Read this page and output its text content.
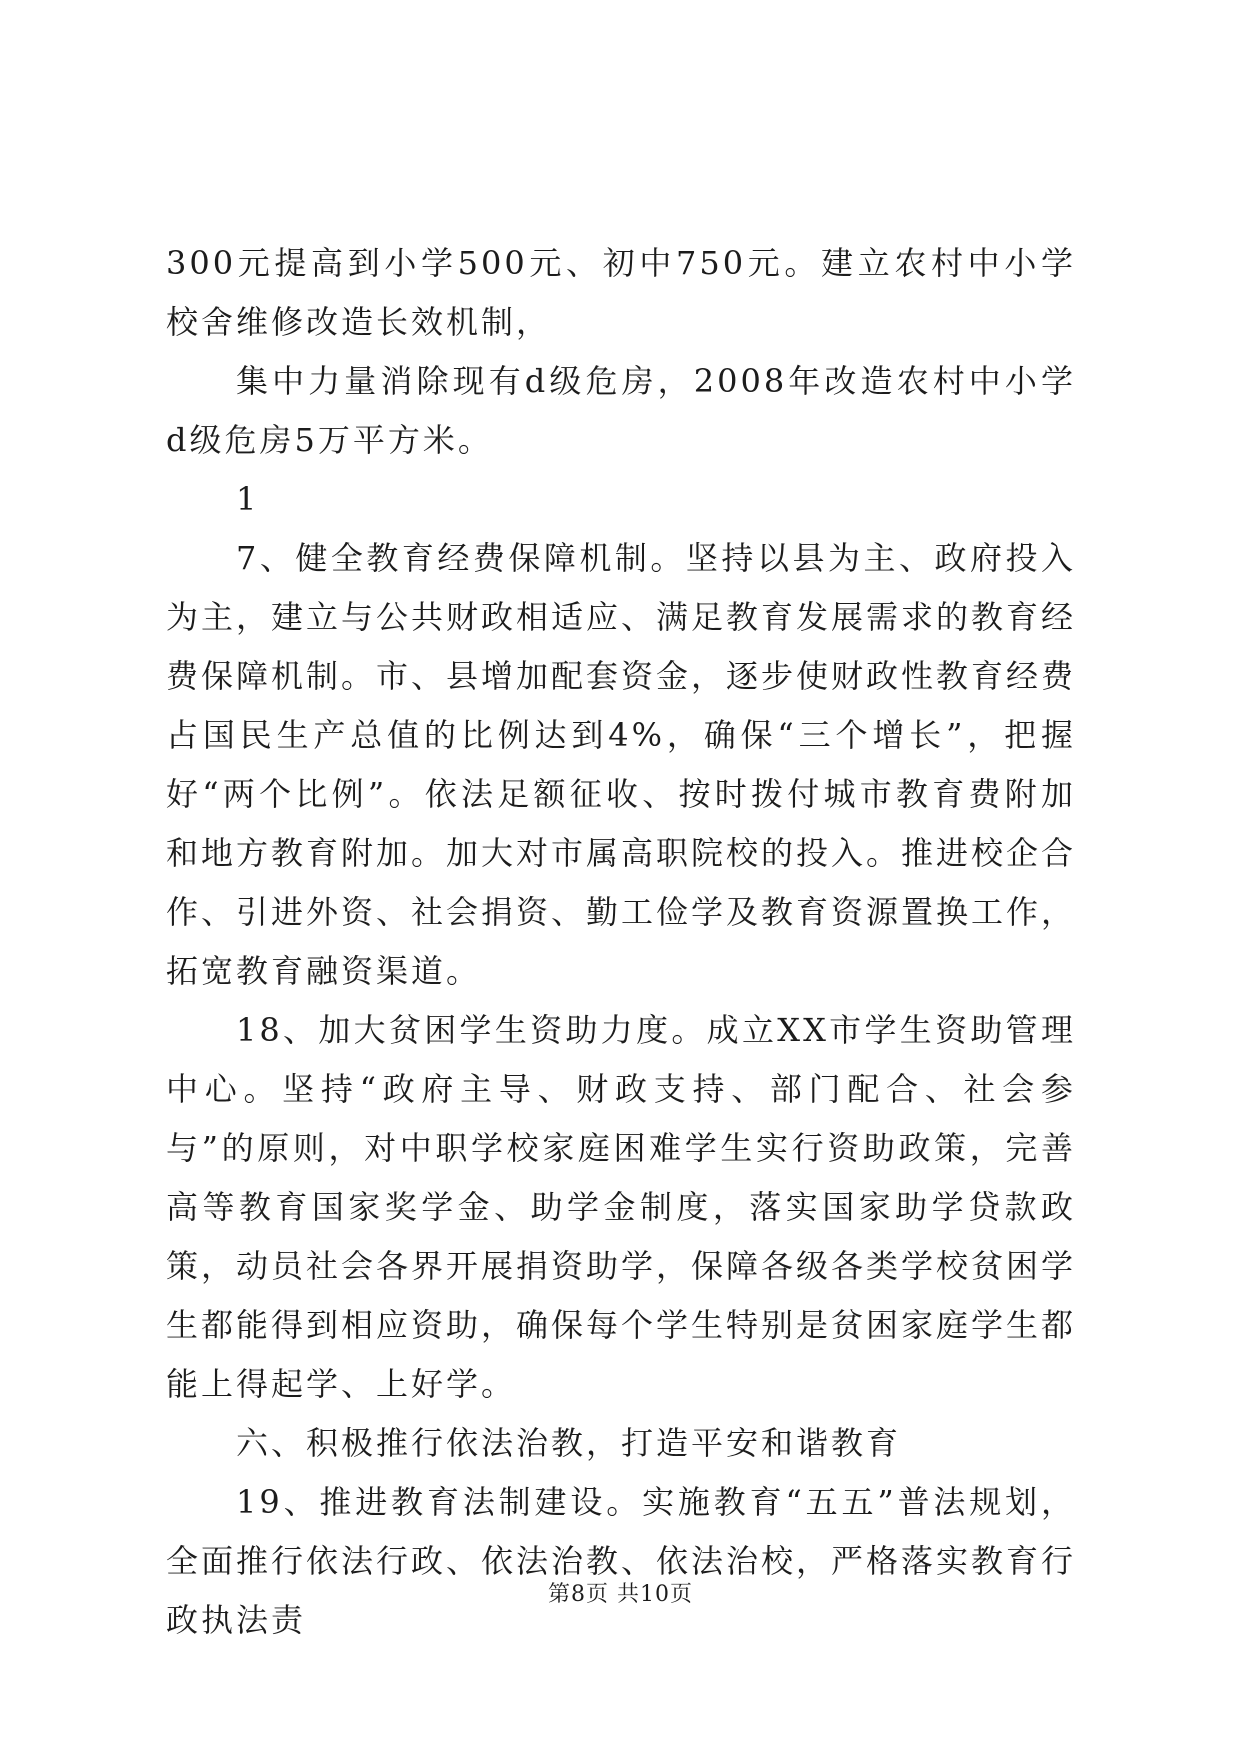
300元提高到小学500元、初中750元。建立农村中小学校舍维修改造长效机制，

集中力量消除现有d级危房，2008年改造农村中小学d级危房5万平方米。

1

7、健全教育经费保障机制。坚持以县为主、政府投入为主，建立与公共财政相适应、满足教育发展需求的教育经费保障机制。市、县增加配套资金，逐步使财政性教育经费占国民生产总值的比例达到4%，确保“三个增长”，把握好“两个比例”。依法足额征收、按时拨付城市教育费附加和地方教育附加。加大对市属高职院校的投入。推进校企合作、引进外资、社会捐资、勤工俭学及教育资源置换工作，拓宽教育融资渠道。

18、加大贫困学生资助力度。成立XX市学生资助管理中心。坚持“政府主导、财政支持、部门配合、社会参与”的原则，对中职学校家庭困难学生实行资助政策，完善高等教育国家奖学金、助学金制度，落实国家助学贷款政策，动员社会各界开展捐资助学，保障各级各类学校贫困学生都能得到相应资助，确保每个学生特别是贫困家庭学生都能上得起学、上好学。

六、积极推行依法治教，打造平安和谐教育

19、推进教育法制建设。实施教育“五五”普法规划，全面推行依法行政、依法治教、依法治校，严格落实教育行政执法责

第8页 共10页
